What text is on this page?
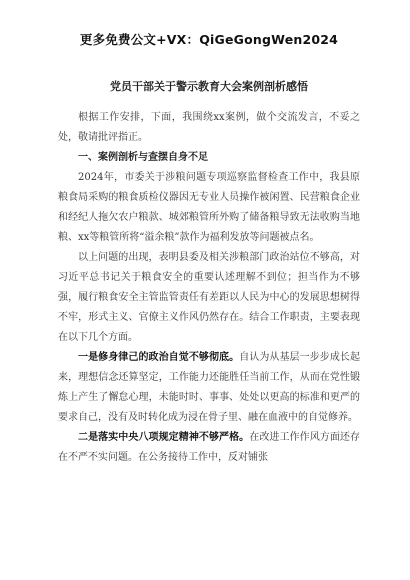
更多免费公文+VX：QiGeGongWen2024
党员干部关于警示教育大会案例剖析感悟

根据工作安排，下面，我围绕xx案例，做个交流发言，不妥之处，敬请批评指正。

一、案例剖析与查摆自身不足

2024年，市委关于涉粮问题专项巡察监督检查工作中，我县原粮食局采购的粮食质检仪器因无专业人员操作被闲置、民营粮食企业和经纪人拖欠农户粮款、城郊粮管所外购了储备粮导致无法收购当地粮、xx等粮管所将“溢余粮”款作为福利发放等问题被点名。

以上问题的出现，表明县委及相关涉粮部门政治站位不够高，对习近平总书记关于粮食安全的重要认述理解不到位；担当作为不够强，履行粮食安全主管监管责任有差距以人民为中心的发展思想树得不牢，形式主义、官僚主义作风仍然存在。结合工作职责，主要表现在以下几个方面。

一是修身律己的政治自觉不够彻底。自认为从基层一步步成长起来，理想信念还算坚定，工作能力还能胜任当前工作，从而在党性锻炼上产生了懈怠心理，未能时时、事事、处处以更高的标准和更严的要求自己，没有及时转化成为浸在骨子里、融在血液中的自觉修养。

二是落实中央八项规定精神不够严格。在改进工作作风方面还存在不严不实问题。在公务接待工作中，反对铺张
